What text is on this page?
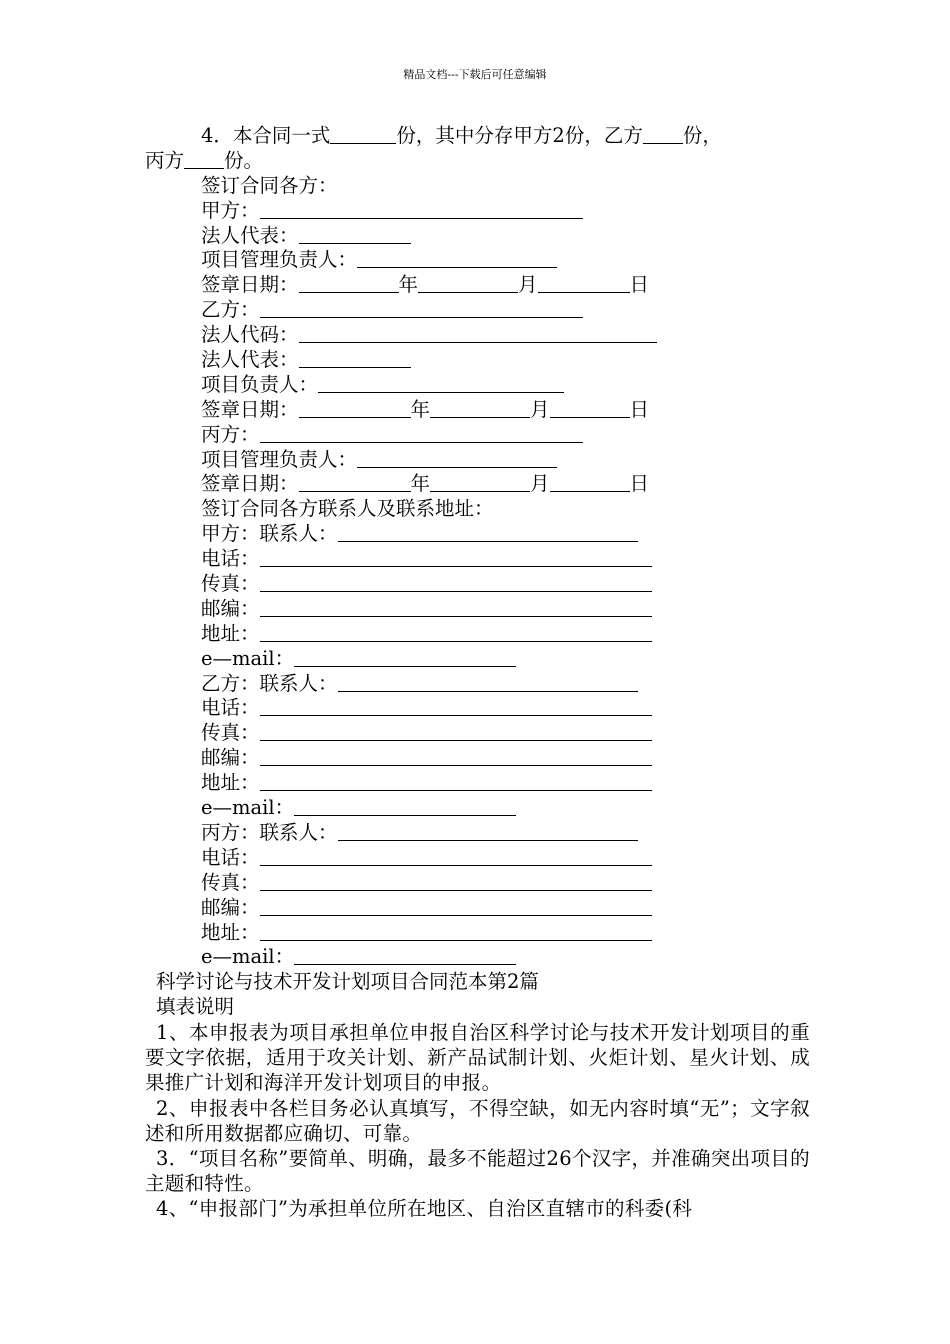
精品文档---下载后可任意编辑
4．本合同一式	份，其中分存甲方2份，乙方 份，
丙方 份。
签订合同各方：
甲方：
法人代表：
项目管理负责人：
签章日期：	年	月	日
乙方：
法人代码：
法人代表：
项目负责人：
签章日期：	年	月	日
丙方：
项目管理负责人：
签章日期：	年	月	日
签订合同各方联系人及联系地址：
甲方：联系人：
电话：
传真：
邮编：
地址：
e—mail：
乙方：联系人：
电话：
传真：
邮编：
地址：
e—mail：
丙方：联系人：
电话：
传真：
邮编：
地址：
e—mail：
科学讨论与技术开发计划项目合同范本第2篇
填表说明
1、本申报表为项目承担单位申报自治区科学讨论与技术开发计划项目的重要文字依据，适用于攻关计划、新产品试制计划、火炬计划、星火计划、成果推广计划和海洋开发计划项目的申报。
2、申报表中各栏目务必认真填写，不得空缺，如无内容时填“无”；文字叙述和所用数据都应确切、可靠。
3．“项目名称”要简单、明确，最多不能超过26个汉字，并准确突出项目的主题和特性。
4、“申报部门”为承担单位所在地区、自治区直辖市的科委(科
